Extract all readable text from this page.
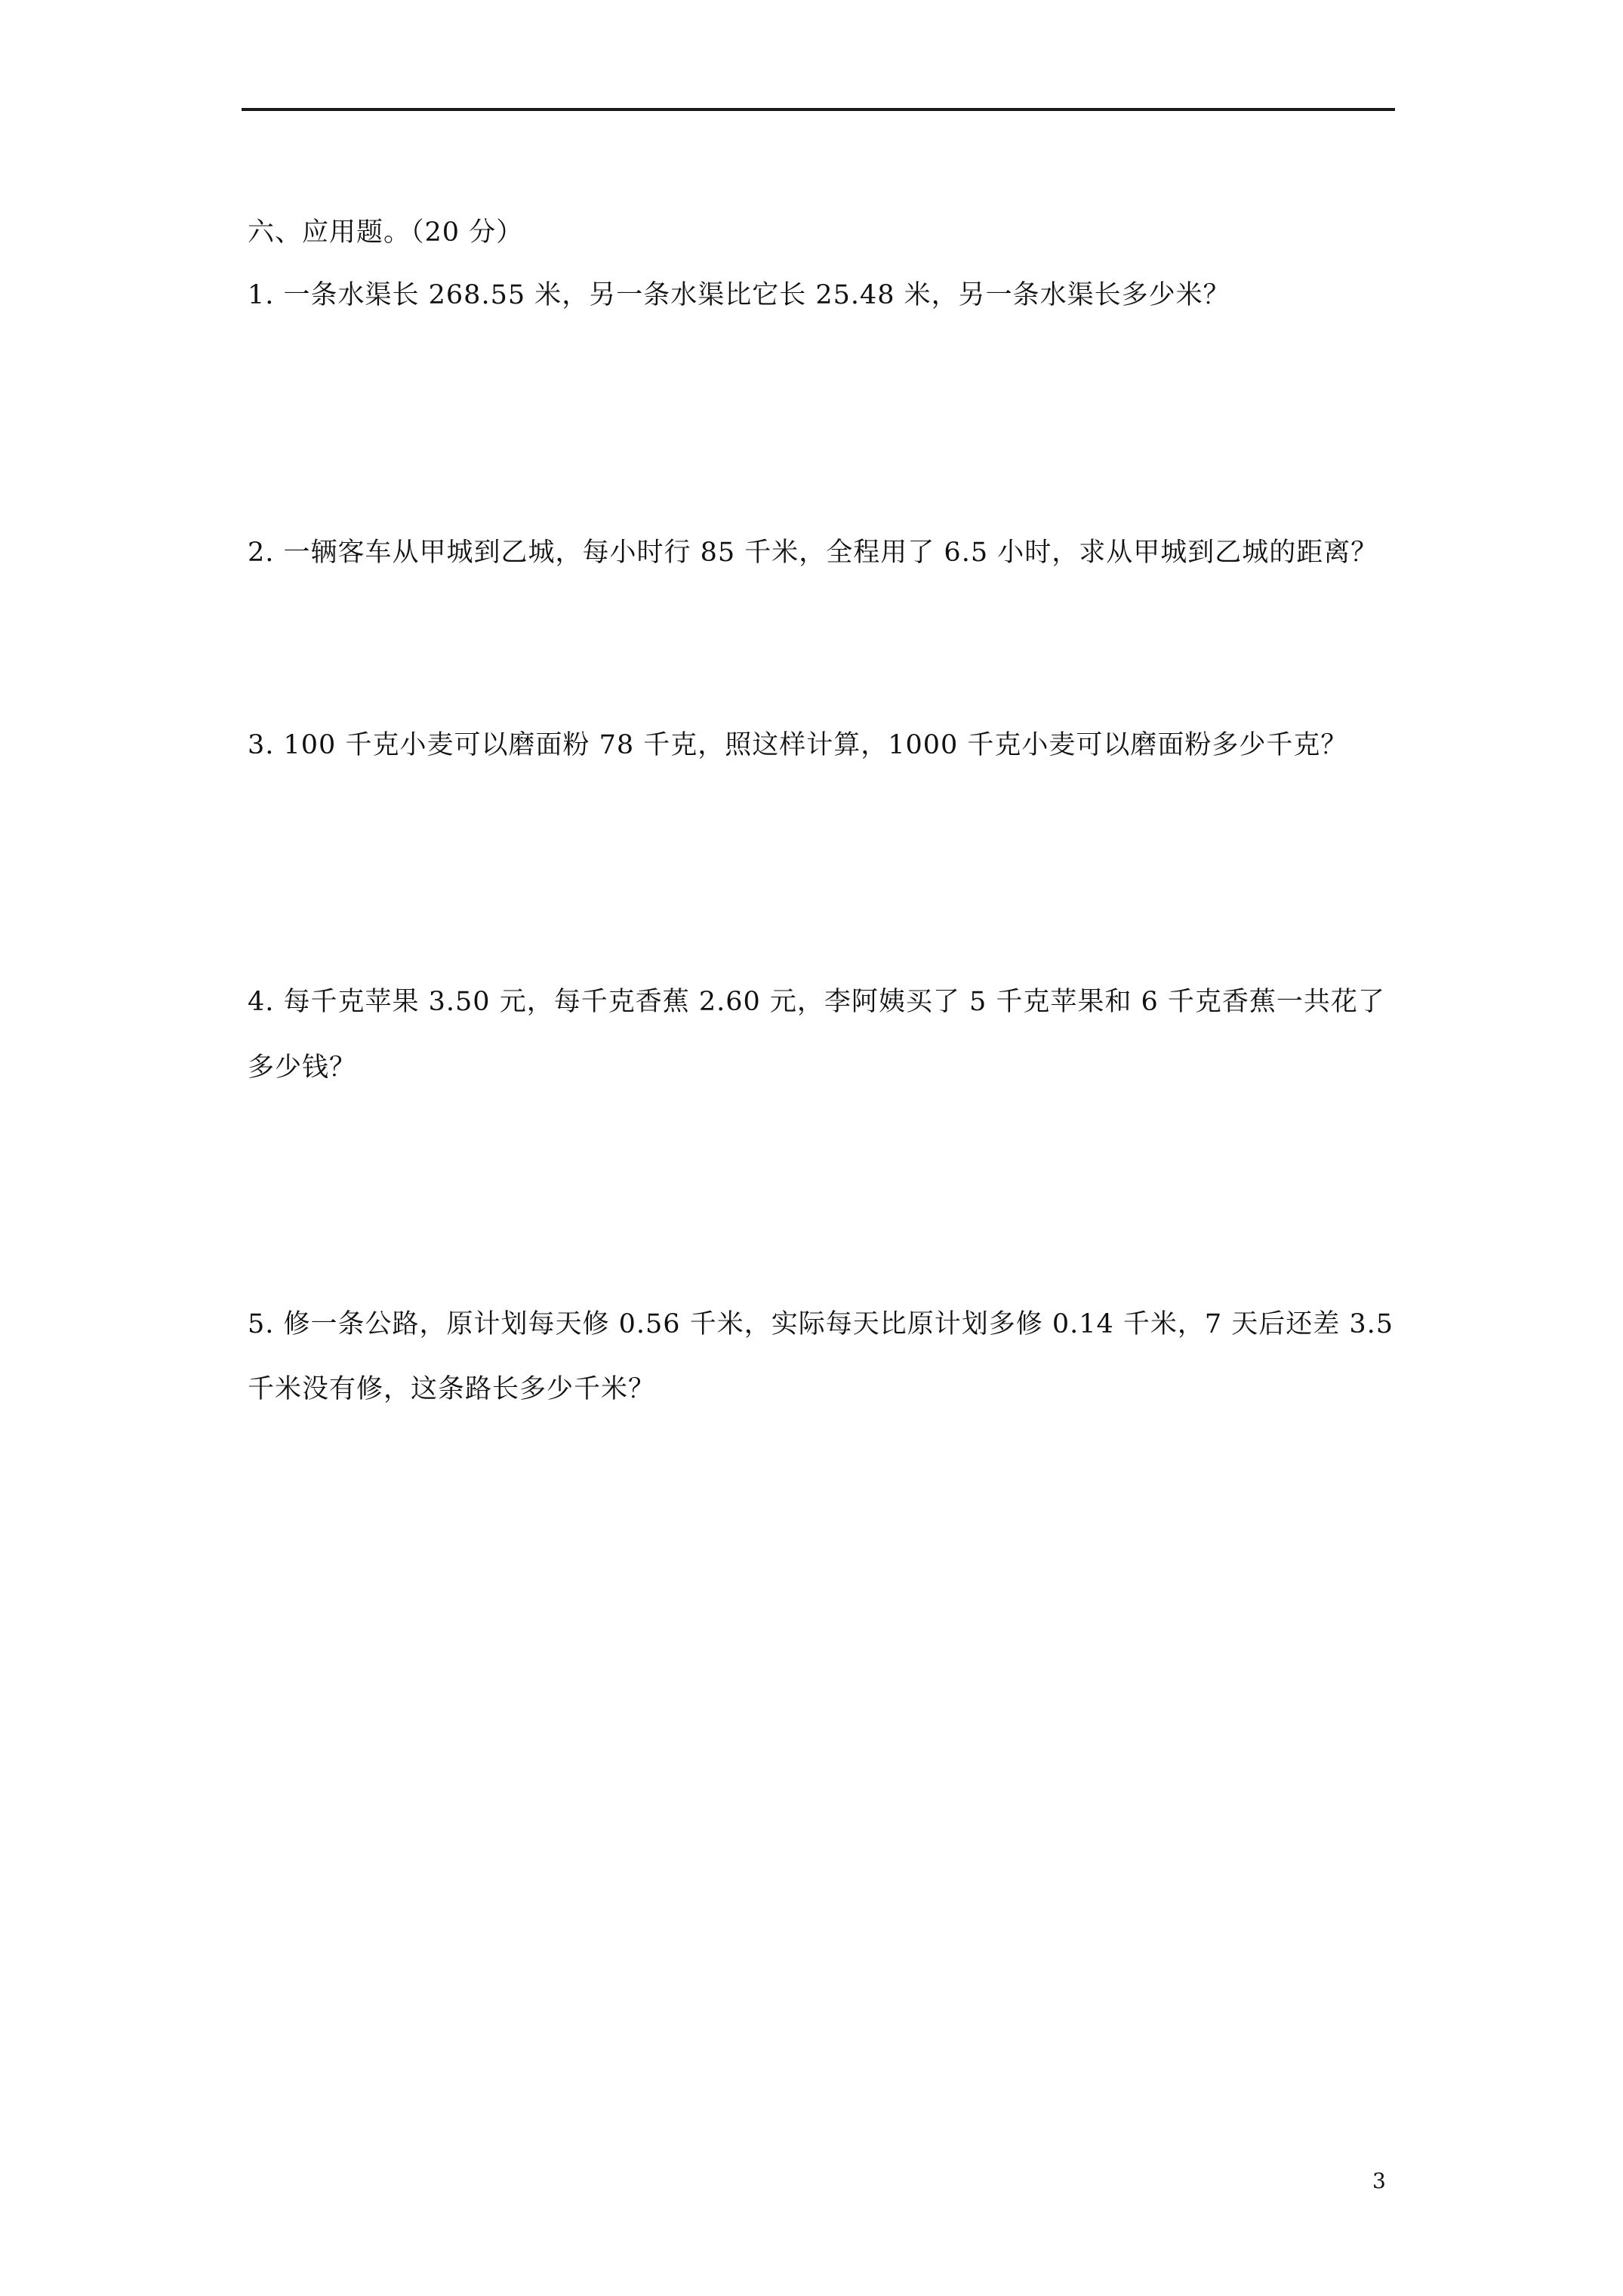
六、应用题。（20 分）
1. 一条水渠长 268.55 米，另一条水渠比它长 25.48 米，另一条水渠长多少米？
2. 一辆客车从甲城到乙城，每小时行 85 千米，全程用了 6.5 小时，求从甲城到乙城的距离？
3. 100 千克小麦可以磨面粉 78 千克，照这样计算，1000 千克小麦可以磨面粉多少千克？
4. 每千克苹果 3.50 元，每千克香蕉 2.60 元，李阿姨买了 5 千克苹果和 6 千克香蕉一共花了
多少钱？
5. 修一条公路，原计划每天修 0.56 千米，实际每天比原计划多修 0.14 千米，7 天后还差 3.5
千米没有修，这条路长多少千米？
3
